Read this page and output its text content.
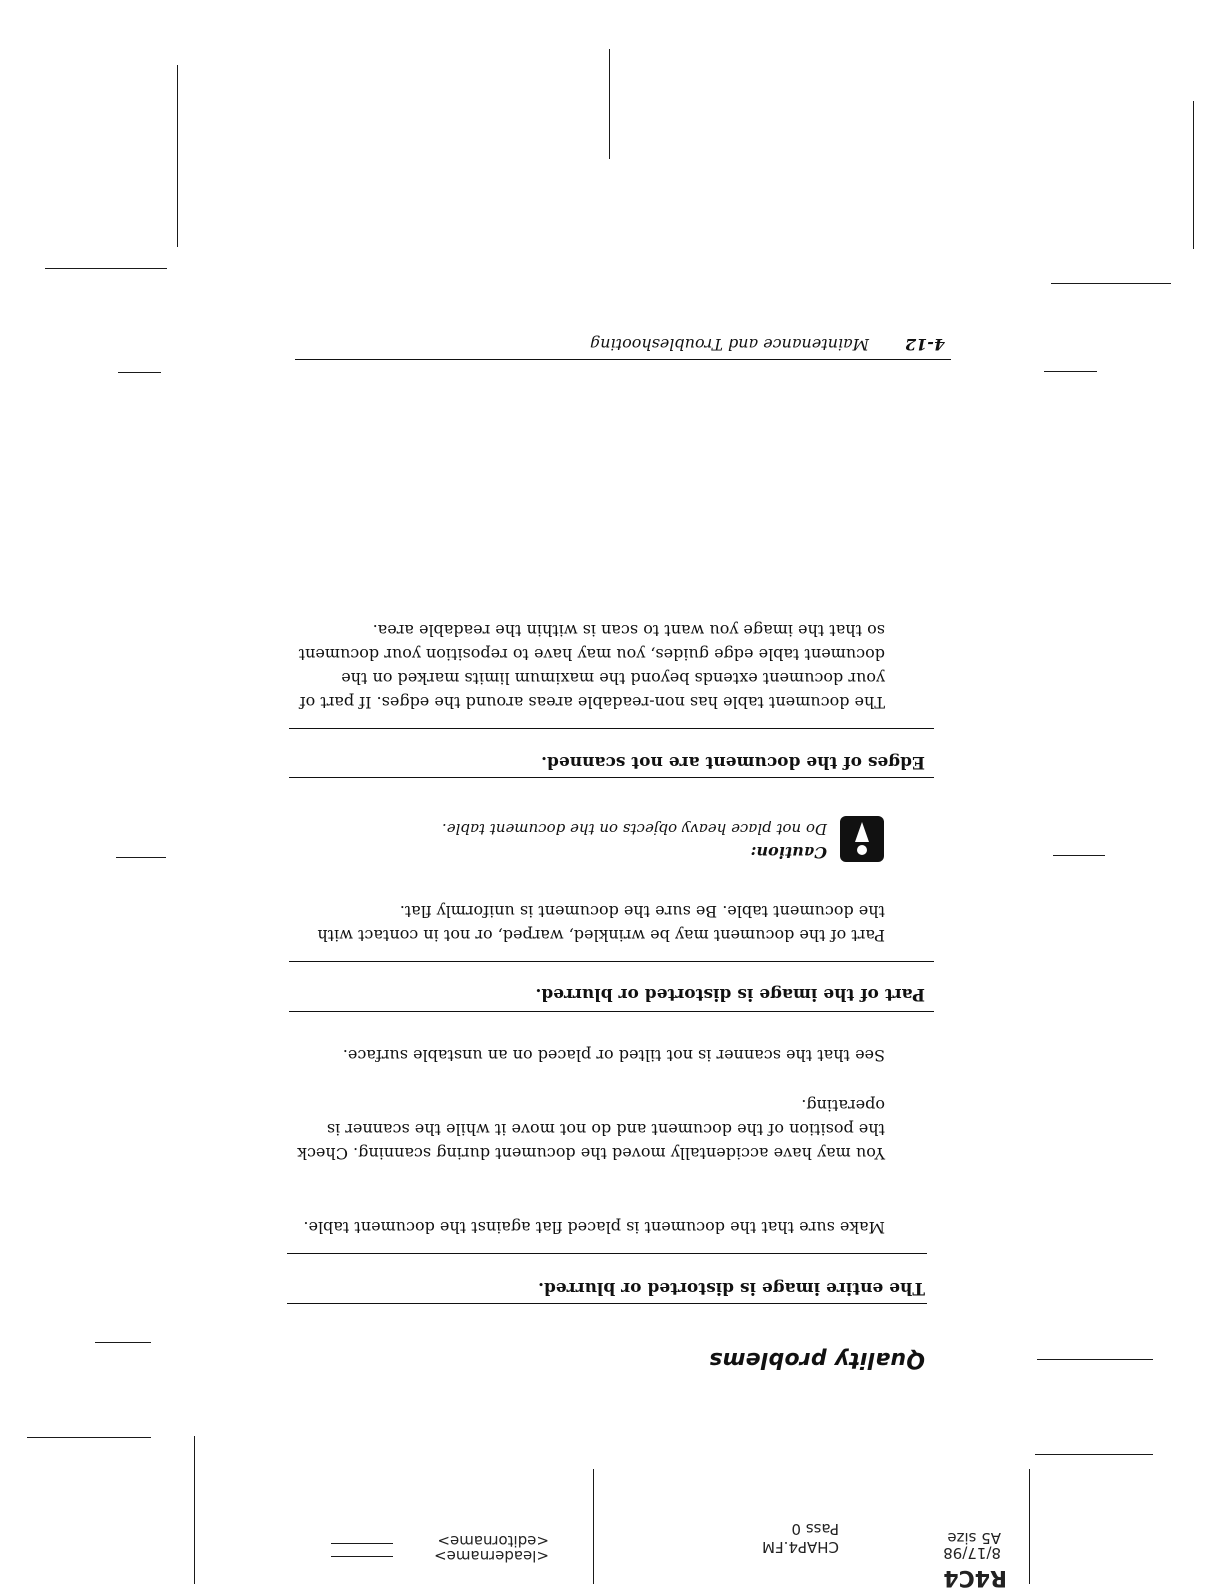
R4C4
8/17/98
A5 size
CHAP4.FM
Pass 0
<leadername>
<editorname>
Quality problems
The entire image is distorted or blurred.

Make sure that the document is placed flat against the document table.

You may have accidentally moved the document during scanning. Check the position of the document and do not move it while the scanner is operating.

See that the scanner is not tilted or placed on an unstable surface.

Part of the image is distorted or blurred.

Part of the document may be wrinkled, warped, or not in contact with the document table. Be sure the document is uniformly flat.

Caution:
Do not place heavy objects on the document table.
Edges of the document are not scanned.

The document table has non-readable areas around the edges. If part of your document extends beyond the maximum limits marked on the document table edge guides, you may have to reposition your document so that the image you want to scan is within the readable area.

4-12
Maintenance and Troubleshooting
